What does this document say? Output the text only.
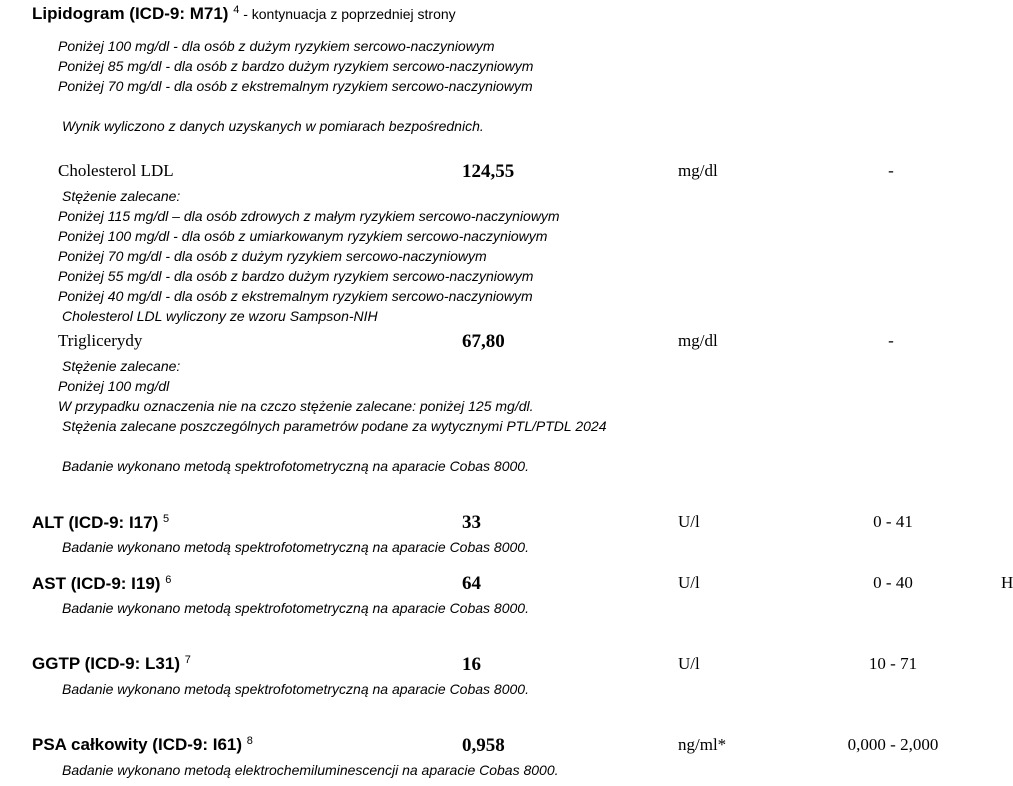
Lipidogram (ICD-9: M71) $^4$ - kontynuacja z poprzedniej strony
Poniżej 100 mg/dl - dla osób z dużym ryzykiem sercowo-naczyniowym
Poniżej 85 mg/dl - dla osób z bardzo dużym ryzykiem sercowo-naczyniowym
Poniżej 70 mg/dl - dla osób z ekstremalnym ryzykiem sercowo-naczyniowym
Wynik wyliczono z danych uzyskanych w pomiarach bezpośrednich.
Cholesterol LDL	124,55	mg/dl	-
Stężenie zalecane:
Poniżej 115 mg/dl – dla osób zdrowych z małym ryzykiem sercowo-naczyniowym
Poniżej 100 mg/dl - dla osób z umiarkowanym ryzykiem sercowo-naczyniowym
Poniżej 70 mg/dl - dla osób z dużym ryzykiem sercowo-naczyniowym
Poniżej 55 mg/dl - dla osób z bardzo dużym ryzykiem sercowo-naczyniowym
Poniżej 40 mg/dl - dla osób z ekstremalnym ryzykiem sercowo-naczyniowym
Cholesterol LDL wyliczony ze wzoru Sampson-NIH
Triglicerydy	67,80	mg/dl	-
Stężenie zalecane:
Poniżej 100 mg/dl
W przypadku oznaczenia nie na czczo stężenie zalecane: poniżej 125 mg/dl.
Stężenia zalecane poszczególnych parametrów podane za wytycznymi PTL/PTDL 2024
Badanie wykonano metodą spektrofotometryczną na aparacie Cobas 8000.
ALT (ICD-9: I17) $^5$	33	U/l	0 - 41
Badanie wykonano metodą spektrofotometryczną na aparacie Cobas 8000.
AST (ICD-9: I19) $^6$	64	U/l	0 - 40	H
Badanie wykonano metodą spektrofotometryczną na aparacie Cobas 8000.
GGTP (ICD-9: L31) $^7$	16	U/l	10 - 71
Badanie wykonano metodą spektrofotometryczną na aparacie Cobas 8000.
PSA całkowity (ICD-9: I61) $^8$	0,958	ng/ml*	0,000 - 2,000
Badanie wykonano metodą elektrochemiluminescencji na aparacie Cobas 8000.
